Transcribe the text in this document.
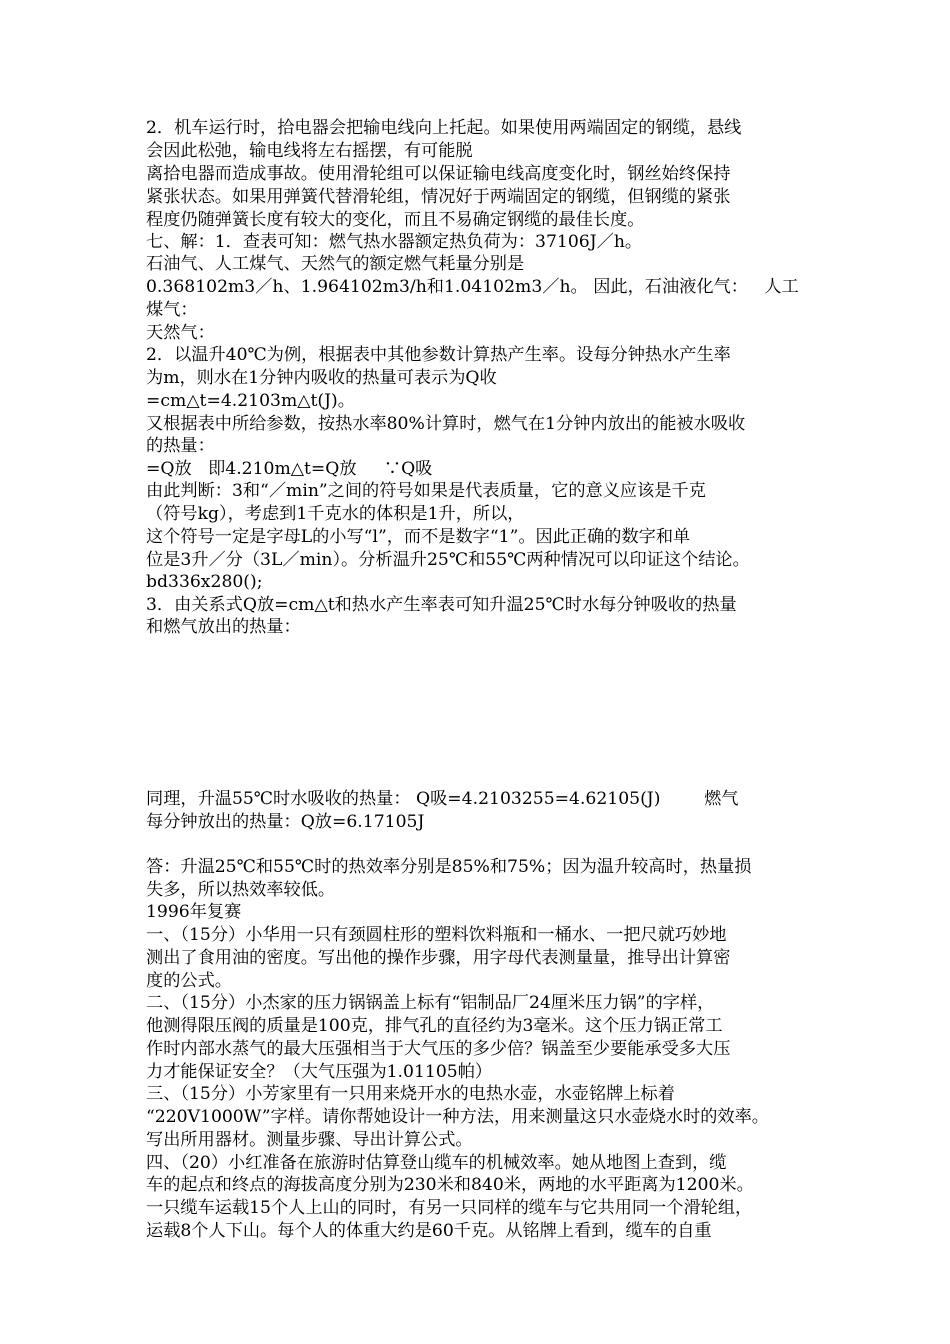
2．机车运行时，拾电器会把输电线向上托起。如果使用两端固定的钢缆，悬线
会因此松弛，输电线将左右摇摆，有可能脱
离拾电器而造成事故。使用滑轮组可以保证输电线高度变化时，钢丝始终保持
紧张状态。如果用弹簧代替滑轮组，情况好于两端固定的钢缆，但钢缆的紧张
程度仍随弹簧长度有较大的变化，而且不易确定钢缆的最佳长度。
七、解：1．查表可知：燃气热水器额定热负荷为：37106J／h。
石油气、人工煤气、天然气的额定燃气耗量分别是
0.368102m3／h、1.964102m3/h和1.04102m3／h。 因此，石油液化气：   人工
煤气：
天然气：
2．以温升40℃为例，根据表中其他参数计算热产生率。设每分钟热水产生率
为m，则水在1分钟内吸收的热量可表示为Q收
=cm△t=4.2103m△t(J)。
又根据表中所给参数，按热水率80%计算时，燃气在1分钟内放出的能被水吸收
的热量：
=Q放   即4.210m△t=Q放     ∵Q吸
由此判断：3和“／min”之间的符号如果是代表质量，它的意义应该是千克
（符号kg），考虑到1千克水的体积是1升，所以，
这个符号一定是字母L的小写“l”，而不是数字“1”。因此正确的数字和单
位是3升／分（3L／min）。分析温升25℃和55℃两种情况可以印证这个结论。
bd336x280();
3．由关系式Q放=cm△t和热水产生率表可知升温25℃时水每分钟吸收的热量
和燃气放出的热量：
同理，升温55℃时水吸收的热量： Q吸=4.2103255=4.62105(J)        燃气
每分钟放出的热量：Q放=6.17105J
答：升温25℃和55℃时的热效率分别是85%和75%；因为温升较高时，热量损
失多，所以热效率较低。
1996年复赛
一、（15分）小华用一只有颈圆柱形的塑料饮料瓶和一桶水、一把尺就巧妙地
测出了食用油的密度。写出他的操作步骤，用字母代表测量量，推导出计算密
度的公式。
二、（15分）小杰家的压力锅锅盖上标有“铝制品厂24厘米压力锅”的字样，
他测得限压阀的质量是100克，排气孔的直径约为3毫米。这个压力锅正常工
作时内部水蒸气的最大压强相当于大气压的多少倍？锅盖至少要能承受多大压
力才能保证安全？（大气压强为1.01105帕）
三、（15分）小芳家里有一只用来烧开水的电热水壶，水壶铭牌上标着
“220V1000W”字样。请你帮她设计一种方法，用来测量这只水壶烧水时的效率。
写出所用器材。测量步骤、导出计算公式。
四、（20）小红准备在旅游时估算登山缆车的机械效率。她从地图上查到，缆
车的起点和终点的海拔高度分别为230米和840米，两地的水平距离为1200米。
一只缆车运载15个人上山的同时，有另一只同样的缆车与它共用同一个滑轮组，
运载8个人下山。每个人的体重大约是60千克。从铭牌上看到，缆车的自重
